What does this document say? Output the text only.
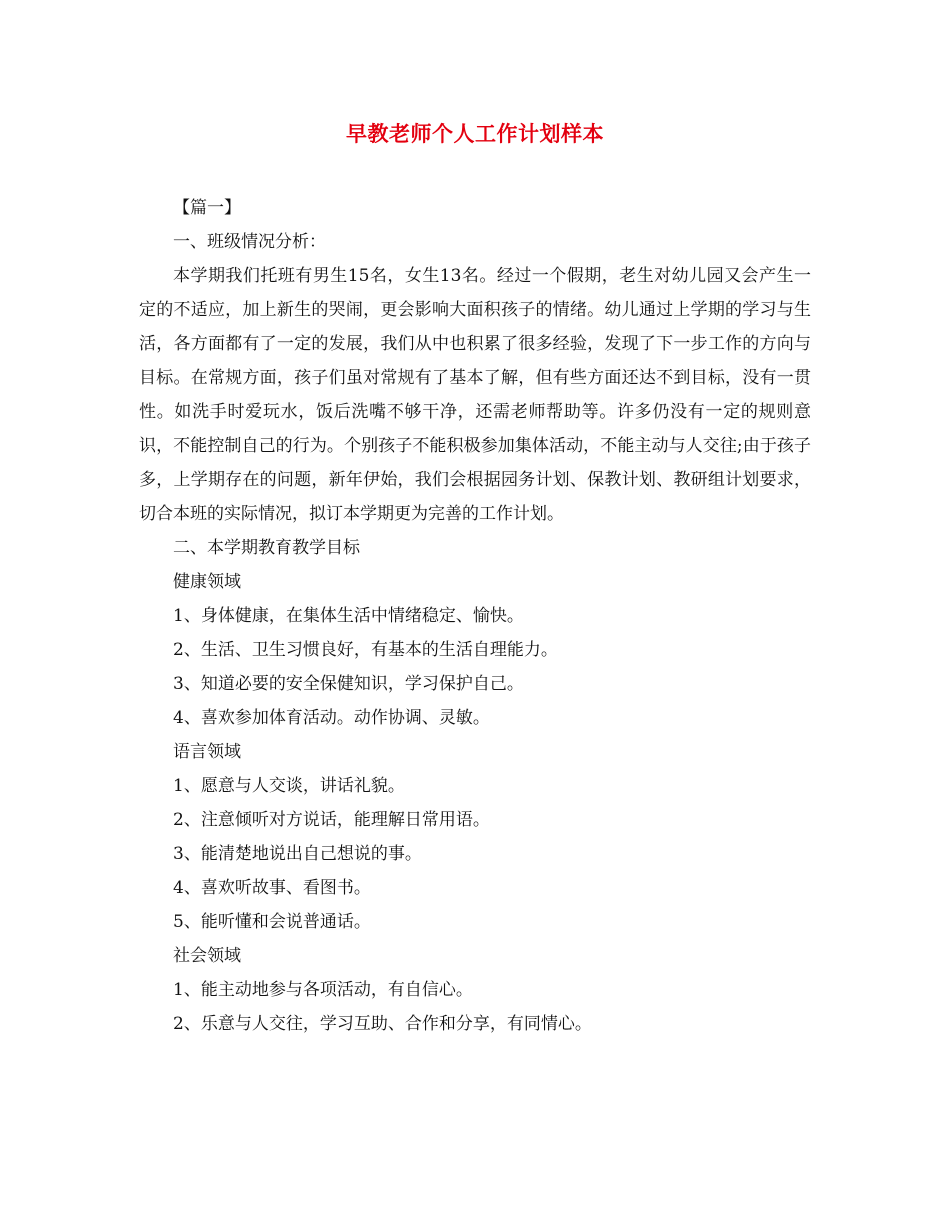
早教老师个人工作计划样本

【篇一】

一、班级情况分析：

本学期我们托班有男生15名，女生13名。经过一个假期，老生对幼儿园又会产生一定的不适应，加上新生的哭闹，更会影响大面积孩子的情绪。幼儿通过上学期的学习与生活，各方面都有了一定的发展，我们从中也积累了很多经验，发现了下一步工作的方向与目标。在常规方面，孩子们虽对常规有了基本了解，但有些方面还达不到目标，没有一贯性。如洗手时爱玩水，饭后洗嘴不够干净，还需老师帮助等。许多仍没有一定的规则意识，不能控制自己的行为。个别孩子不能积极参加集体活动，不能主动与人交往;由于孩子多，上学期存在的问题，新年伊始，我们会根据园务计划、保教计划、教研组计划要求，切合本班的实际情况，拟订本学期更为完善的工作计划。

二、本学期教育教学目标

健康领域

1、身体健康，在集体生活中情绪稳定、愉快。

2、生活、卫生习惯良好，有基本的生活自理能力。

3、知道必要的安全保健知识，学习保护自己。

4、喜欢参加体育活动。动作协调、灵敏。

语言领域

1、愿意与人交谈，讲话礼貌。

2、注意倾听对方说话，能理解日常用语。

3、能清楚地说出自己想说的事。

4、喜欢听故事、看图书。

5、能听懂和会说普通话。

社会领域

1、能主动地参与各项活动，有自信心。

2、乐意与人交往，学习互助、合作和分享，有同情心。
